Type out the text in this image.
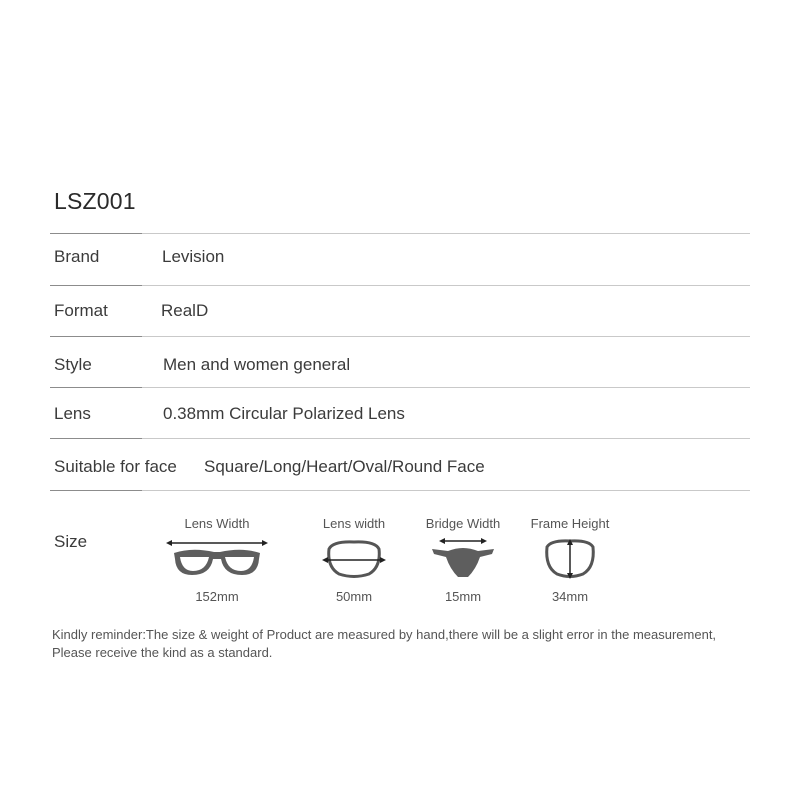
LSZ001
Brand	Levision
Format	RealD
Style	Men and women general
Lens	0.38mm Circular Polarized Lens
Suitable for face Square/Long/Heart/Oval/Round Face
Size
Lens Width
152mm
Lens width
50mm
Bridge Width
15mm
Frame Height
34mm
Kindly reminder:The size & weight of Product are measured by hand,there will be a slight error in the measurement,
Please receive the kind as a standard.
